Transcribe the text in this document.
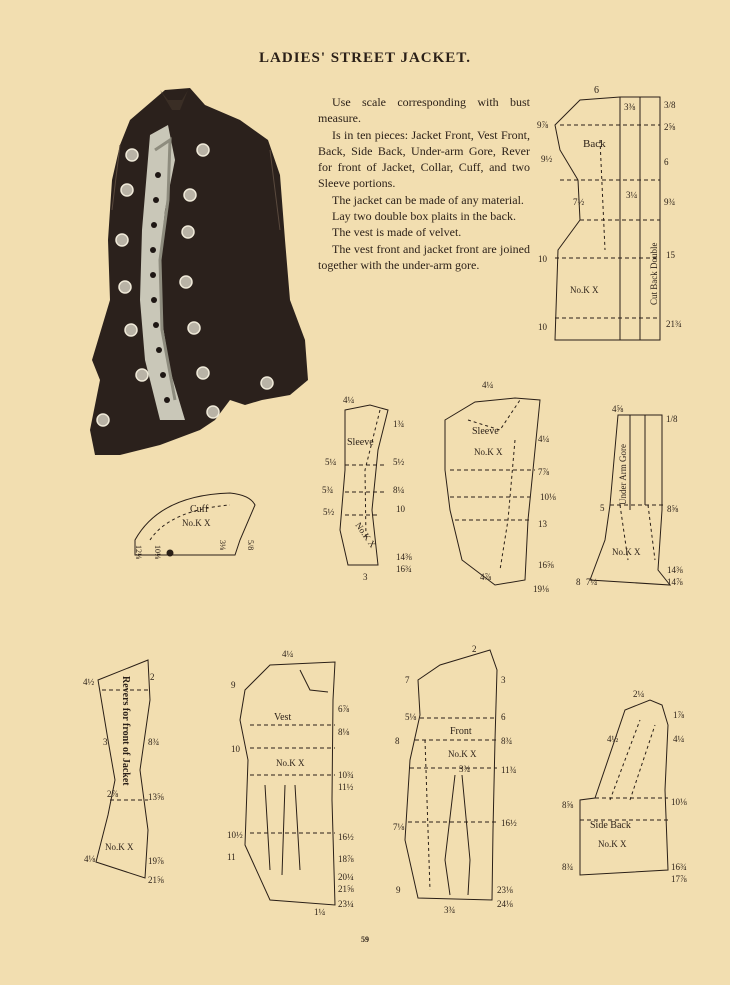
LADIES' STREET JACKET.

Use scale corresponding with bust measure.

Is in ten pieces: Jacket Front, Vest Front, Back, Side Back, Under-arm Gore, Rever for front of Jacket, Collar, Cuff, and two Sleeve portions.

The jacket can be made of any material.

Lay two double box plaits in the back.

The vest is made of velvet.

The vest front and jacket front are joined together with the under-arm gore.

Back
No.K X	Cut Back Double
6
3⅜	3/8
2⅝
6
9¾
15
21¾
9⅞
9½
7½
10
10
3¼
Sleeve
No.K X
4¼
1¾
5¼	5½
5¾	8¼
5½	10
14⅜
16¾
3
Sleeve
No.K X
4¼
4¼
7⅞
10⅛
13
16⅝
4⅞
19⅛
Under Arm Gore
No.K X
4⅝
1/8
8⅝
5
14⅜
14⅞
8 7¼
Cuff
No.K X
12⅛ 10⅛	3⅛ 5/8
Revers for front of Jacket
No.K X
4½	2
3	8¾
2⅞	13⅝
4⅛	19⅞
21⅝
Vest
No.K X
4¼
9
6⅞
8⅛
10
10½
11
16½
18⅞
20¼
21⅝
23¼
1¼
10¾
11½
Front
No.K X
2
7	3
5⅛	6
8	8¾
11¾
16½
7⅛
9	23⅛
24⅛
3¾
3¾
Side Back
No.K X
2¼
1⅞
4¼
4½
8⅝	10⅛
8¾	16¾
17⅞
59
